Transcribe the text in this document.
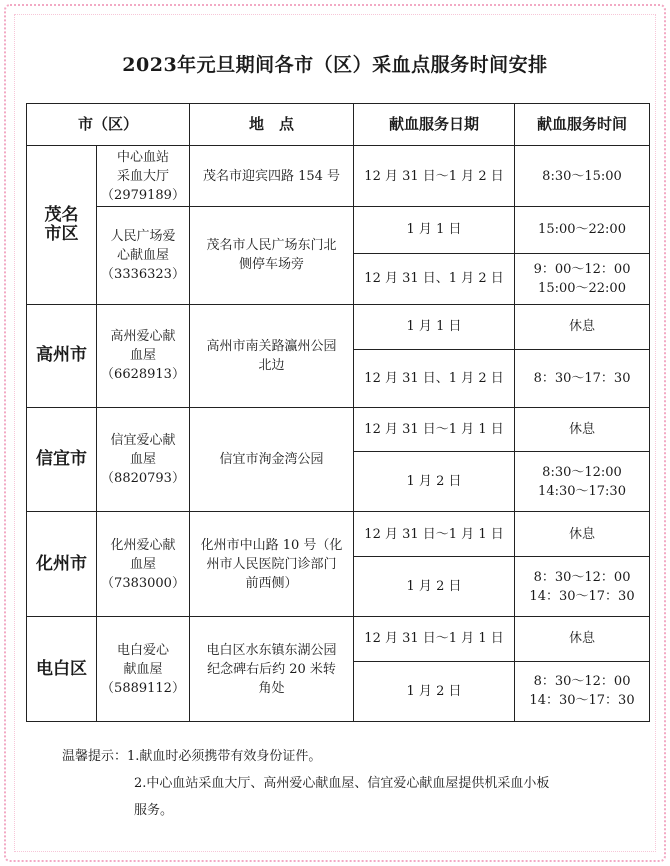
2023年元旦期间各市（区）采血点服务时间安排
市（区）		地　点	献血服务日期	献血服务时间

茂名
市区	中心血站
采血大厅
（2979189）	茂名市迎宾四路 154 号	12 月 31 日～1 月 2 日	8:30～15:00

	人民广场爱
心献血屋
（3336323）	茂名市人民广场东门北
侧停车场旁	1 月 1 日	15:00～22:00

			12 月 31 日、1 月 2 日	9：00～12：00
15:00～22:00

高州市	高州爱心献
血屋
（6628913）	高州市南关路瀛州公园
北边	1 月 1 日	休息

			12 月 31 日、1 月 2 日	8：30～17：30

信宜市	信宜爱心献
血屋
（8820793）	信宜市洵金湾公园	12 月 31 日～1 月 1 日	休息

			1 月 2 日	8:30～12:00
14:30～17:30

化州市	化州爱心献
血屋
（7383000）	化州市中山路 10 号（化
州市人民医院门诊部门
前西侧）	12 月 31 日～1 月 1 日	休息

			1 月 2 日	8：30～12：00
14：30～17：30

电白区	电白爱心
献血屋
（5889112）	电白区水东镇东湖公园
纪念碑右后约 20 米转
角处	12 月 31 日～1 月 1 日	休息

			1 月 2 日	8：30～12：00
14：30～17：30
温馨提示：1.献血时必须携带有效身份证件。
2.中心血站采血大厅、高州爱心献血屋、信宜爱心献血屋提供机采血小板
服务。
